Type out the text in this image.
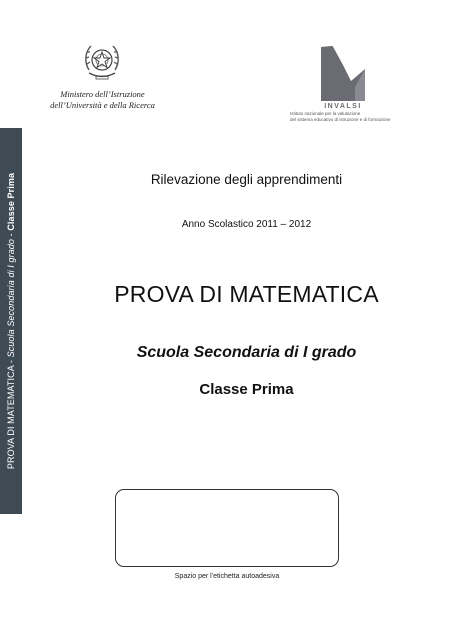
PROVA DI MATEMATICA - Scuola Secondaria di I grado - Classe Prima
Ministero dell’Istruzione
dell’Università e della Ricerca	INVALSI
Istituto nazionale per la valutazione
del sistema educativo di istruzione e di formazione
Rilevazione degli apprendimenti
Anno Scolastico 2011 – 2012
PROVA DI MATEMATICA
Scuola Secondaria di I grado
Classe Prima
Spazio per l'etichetta autoadesiva
